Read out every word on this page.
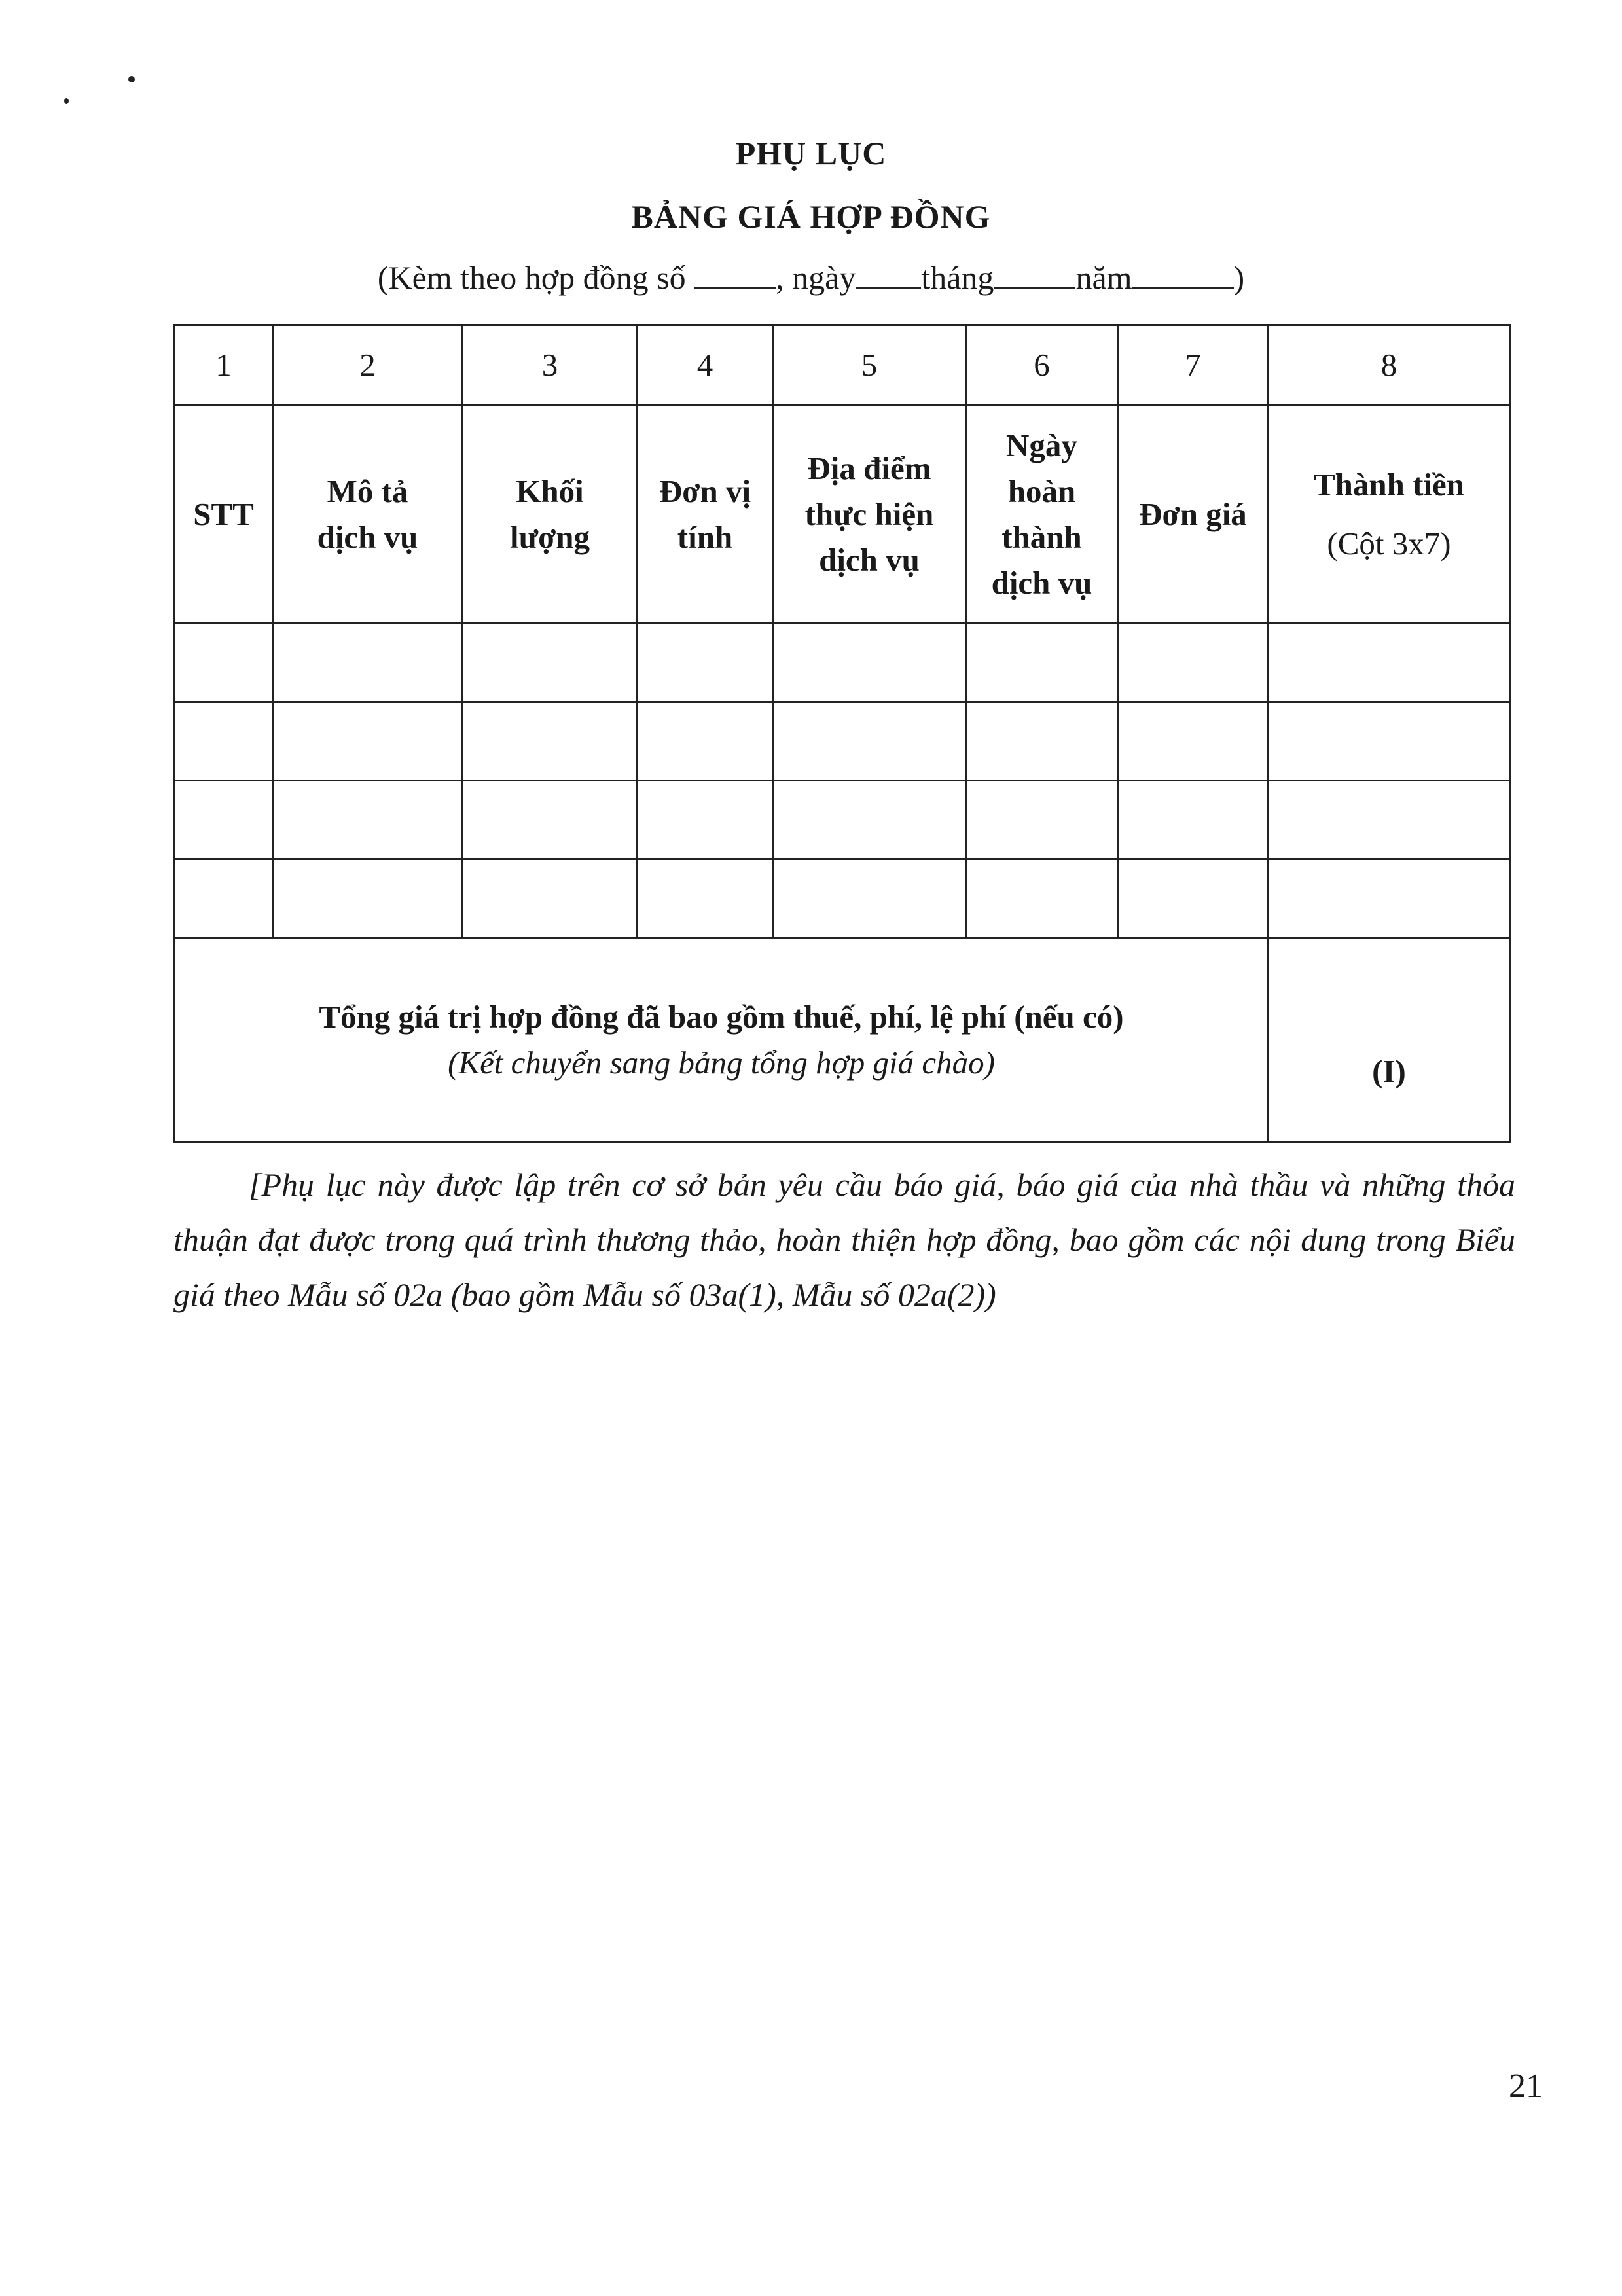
PHỤ LỤC
BẢNG GIÁ HỢP ĐỒNG
(Kèm theo hợp đồng số	, ngày tháng	năm	)
1	2	3	4	5	6	7	8
STT	Mô tả dịch vụ	Khối lượng	Đơn vị tính	Địa điểm thực hiện dịch vụ	Ngày hoàn thành dịch vụ	Đơn giá	Thành tiền
(Cột 3x7)

Tổng giá trị hợp đồng đã bao gồm thuế, phí, lệ phí (nếu có)
(Kết chuyển sang bảng tổng hợp giá chào)							(I)
[Phụ lục này được lập trên cơ sở bản yêu cầu báo giá, báo giá của nhà thầu và những thỏa thuận đạt được trong quá trình thương thảo, hoàn thiện hợp đồng, bao gồm các nội dung trong Biểu giá theo Mẫu số 02a (bao gồm Mẫu số 03a(1), Mẫu số 02a(2))
21
